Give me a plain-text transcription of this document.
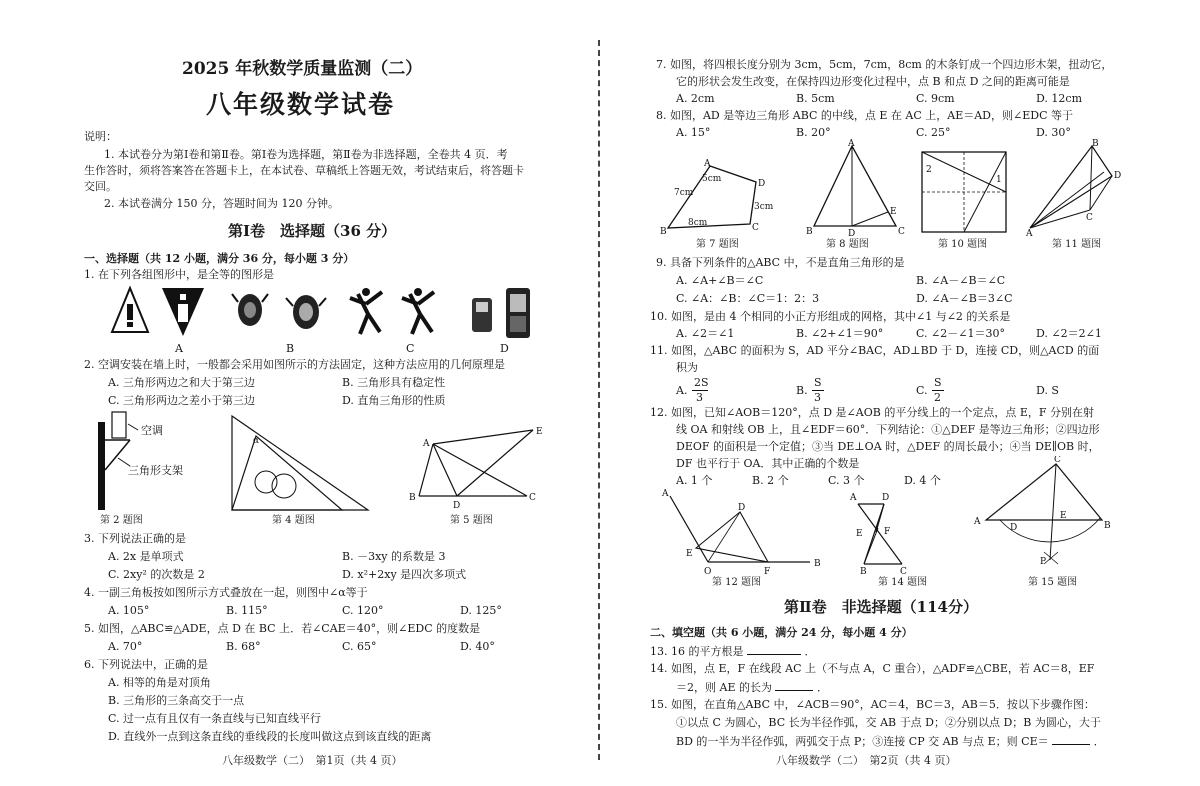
2025 年秋数学质量监测（二）
八年级数学试卷
说明：
1. 本试卷分为第Ⅰ卷和第Ⅱ卷。第Ⅰ卷为选择题，第Ⅱ卷为非选择题，全卷共 4 页．考
生作答时，须将答案答在答题卡上，在本试卷、草稿纸上答题无效，考试结束后，将答题卡
交回。
2. 本试卷满分 150 分，答题时间为 120 分钟。
第Ⅰ卷　选择题（36 分）
一、选择题（共 12 小题，满分 36 分，每小题 3 分）
1. 在下列各组图形中，是全等的图形是
A	B	C	D
2. 空调安装在墙上时，一般都会采用如图所示的方法固定，这种方法应用的几何原理是
A. 三角形两边之和大于第三边	B. 三角形具有稳定性
C. 三角形两边之差小于第三边	D. 直角三角形的性质
空调
三角形支架
α	A
E
B
D
C
第 2 题图	第 4 题图	第 5 题图
3. 下列说法正确的是
A. 2x 是单项式	B. －3xy 的系数是 3
C. 2xy² 的次数是 2	D. x²+2xy 是四次多项式
4. 一副三角板按如图所示方式叠放在一起，则图中∠α等于
A. 105°	B. 115°	C. 120°	D. 125°
5. 如图，△ABC≌△ADE，点 D 在 BC 上．若∠CAE＝40°，则∠EDC 的度数是
A. 70°	B. 68°	C. 65°	D. 40°
6. 下列说法中，正确的是
A. 相等的角是对顶角
B. 三角形的三条高交于一点
C. 过一点有且仅有一条直线与已知直线平行
D. 直线外一点到这条直线的垂线段的长度叫做这点到该直线的距离
八年级数学（二）　第1页（共 4 页）
7. 如图，将四根长度分别为 3cm，5cm，7cm，8cm 的木条钉成一个四边形木架，扭动它，
它的形状会发生改变，在保持四边形变化过程中，点 B 和点 D 之间的距离可能是
A. 2cm	B. 5cm	C. 9cm	D. 12cm
8. 如图，AD 是等边三角形 ABC 的中线，点 E 在 AC 上，AE＝AD，则∠EDC 等于
A. 15°	B. 20°	C. 25°	D. 30°
A
D
C
B
5cm
7cm
8cm
3cm
A
B	D	C
E
2
1
B
D
C
A
第 7 题图	第 8 题图	第 10 题图	第 11 题图
9. 具备下列条件的△ABC 中，不是直角三角形的是
A. ∠A+∠B＝∠C	B. ∠A－∠B＝∠C
C. ∠A：∠B：∠C＝1：2：3	D. ∠A－∠B＝3∠C
10. 如图，是由 4 个相同的小正方形组成的网格，其中∠1 与∠2 的关系是
A. ∠2＝∠1	B. ∠2+∠1＝90°	C. ∠2－∠1＝30°	D. ∠2＝2∠1
11. 如图，△ABC 的面积为 S，AD 平分∠BAC，AD⊥BD 于 D，连接 CD，则△ACD 的面
积为
A.
2S
3
B.
S
3
C.
S
2
D. S
12. 如图，已知∠AOB＝120°，点 D 是∠AOB 的平分线上的一个定点，点 E，F 分别在射
线 OA 和射线 OB 上，且∠EDF＝60°．下列结论：①△DEF 是等边三角形；②四边形
DEOF 的面积是一个定值；③当 DE⊥OA 时，△DEF 的周长最小；④当 DE∥OB 时，
DF 也平行于 OA．其中正确的个数是
A. 1 个	B. 2 个	C. 3 个	D. 4 个
A
D
E
O	F
B
A	D
E F
B	C
C
A	B
D
E
P
第 12 题图	第 14 题图	第 15 题图
第Ⅱ卷　非选择题（114分）
二、填空题（共 6 小题，满分 24 分，每小题 4 分）
13. 16 的平方根是	．
14. 如图，点 E，F 在线段 AC 上（不与点 A，C 重合），△ADF≌△CBE，若 AC＝8，EF
＝2，则 AE 的长为	．
15. 如图，在直角△ABC 中，∠ACB＝90°，AC＝4，BC＝3，AB＝5．按以下步骤作图：
①以点 C 为圆心，BC 长为半径作弧，交 AB 于点 D；②分别以点 D；B 为圆心，大于
BD 的一半为半径作弧，两弧交于点 P；③连接 CP 交 AB 与点 E；则 CE＝	．
八年级数学（二）　第2页（共 4 页）
